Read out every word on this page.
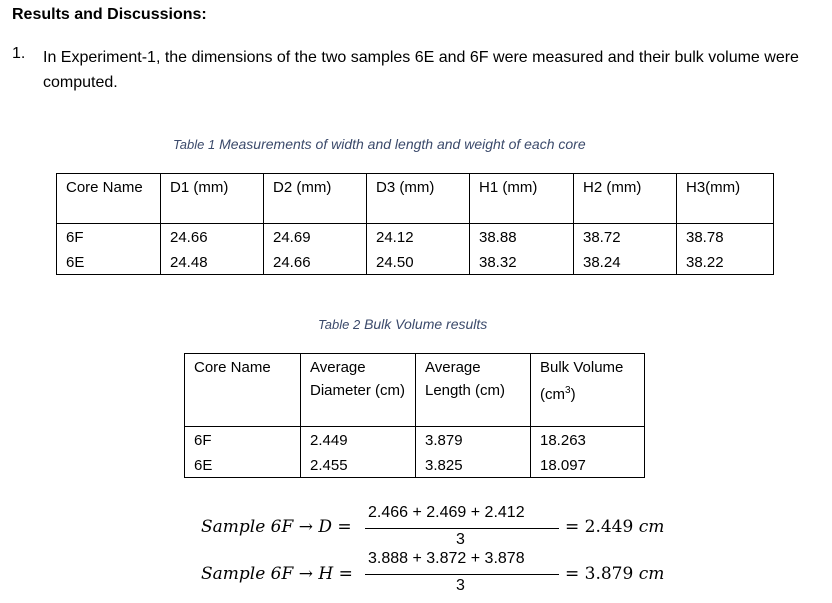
Results and Discussions:
1. In Experiment-1, the dimensions of the two samples 6E and 6F were measured and their bulk volume were computed.
Table 1 Measurements of width and length and weight of each core
Core Name	D1 (mm)	D2 (mm)	D3 (mm)	H1 (mm)	H2 (mm)	H3(mm)
6F	24.66	24.69	24.12	38.88	38.72	38.78
6E	24.48	24.66	24.50	38.32	38.24	38.22
Table 2 Bulk Volume results
Core Name	Average Diameter (cm)	Average Length (cm)	Bulk Volume $(cm^3)$
6F	2.449	3.879	18.263
6E	2.455	3.825	18.097
Sample 6F → D =
2.466 + 2.469 + 2.412
3
= 2.449 cm
Sample 6F → H =
3.888 + 3.872 + 3.878
3
= 3.879 cm
